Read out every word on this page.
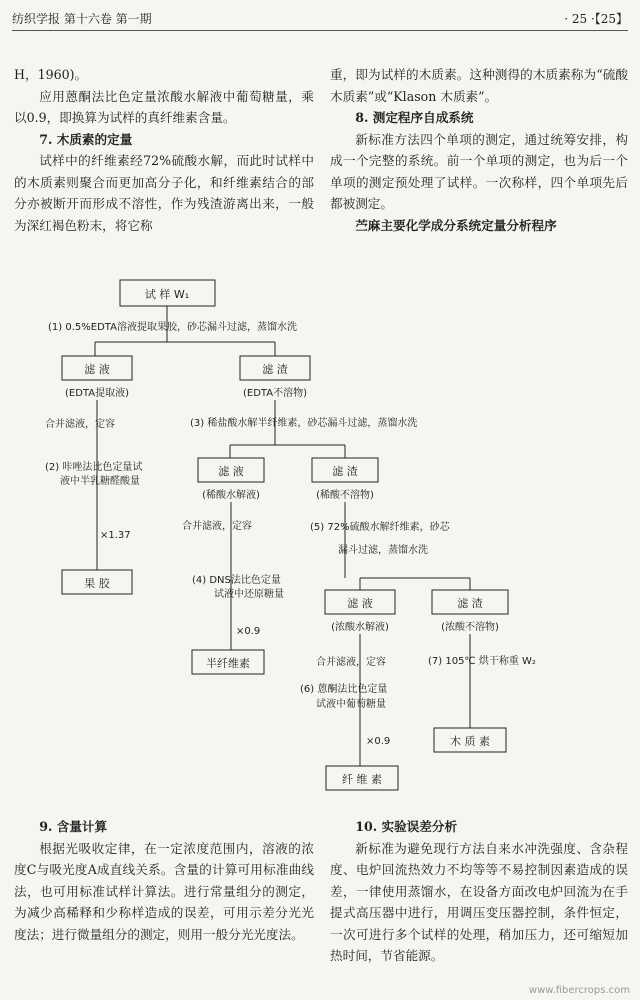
纺织学报 第十六卷 第一期	· 25 ·【25】

H，1960)。

应用蒽酮法比色定量浓酸水解液中葡萄糖量，乘以0.9，即换算为试样的真纤维素含量。

7. 木质素的定量

试样中的纤维素经72%硫酸水解，而此时试样中的木质素则聚合而更加高分子化，和纤维素结合的部分亦被断开而形成不溶性，作为残渣游离出来，一般为深红褐色粉末，将它称

重，即为试样的木质素。这种测得的木质素称为“硫酸木质素”或“Klason 木质素”。

8. 测定程序自成系统

新标准方法四个单项的测定，通过统筹安排，构成一个完整的系统。前一个单项的测定，也为后一个单项的测定预处理了试样。一次称样，四个单项先后都被测定。

苎麻主要化学成分系统定量分析程序

试 样 W₁
(1) 0.5%EDTA溶液提取果胶，砂芯漏斗过滤，蒸馏水洗
滤 液
(EDTA提取液)
滤 渣
(EDTA不溶物)
合并滤液，定容
(2) 咔唑法比色定量试
液中半乳糖醛酸量
×1.37
果 胶
(3) 稀盐酸水解半纤维素，砂芯漏斗过滤，蒸馏水洗
滤 液
(稀酸水解液)
滤 渣
(稀酸不溶物)
合并滤液，定容
(4) DNS法比色定量
试液中还原糖量
×0.9
半纤维素
(5) 72%硫酸水解纤维素，砂芯
漏斗过滤，蒸馏水洗
滤 液
(浓酸水解液)
滤 渣
(浓酸不溶物)
合并滤液，定容
(6) 蒽酮法比色定量
试液中葡萄糖量
×0.9
纤 维 素
(7) 105℃ 烘干称重 W₂
木 质 素

9. 含量计算

根据光吸收定律，在一定浓度范围内，溶液的浓度C与吸光度A成直线关系。含量的计算可用标准曲线法，也可用标准试样计算法。进行常量组分的测定，为减少高稀释和少称样造成的误差，可用示差分光光度法；进行微量组分的测定，则用一般分光光度法。

10. 实验误差分析

新标准为避免现行方法自来水冲洗强度、含杂程度、电炉回流热效力不均等等不易控制因素造成的误差，一律使用蒸馏水，在设备方面改电炉回流为在手提式高压器中进行，用调压变压器控制，条件恒定，一次可进行多个试样的处理，稍加压力，还可缩短加热时间，节省能源。

www.fibercrops.com
